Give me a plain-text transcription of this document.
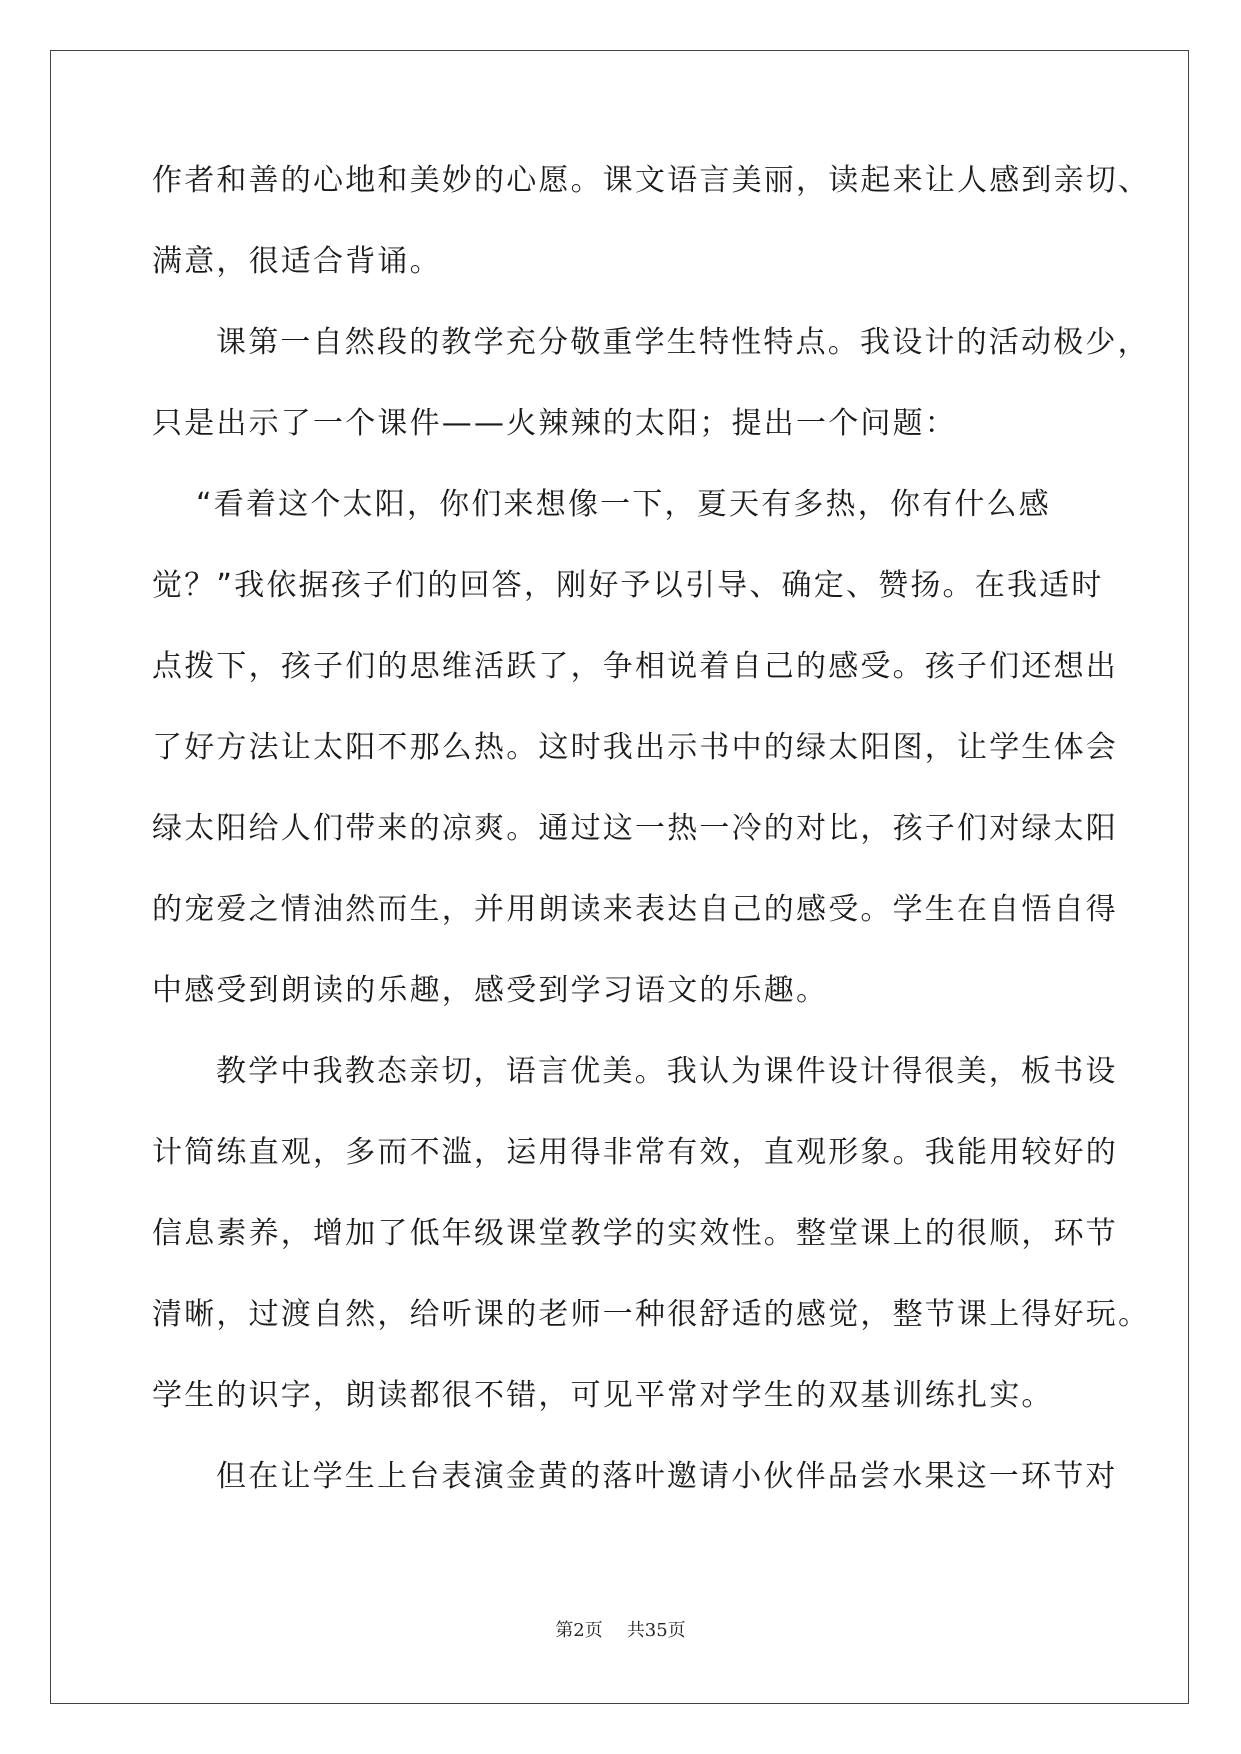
作者和善的心地和美妙的心愿。课文语言美丽，读起来让人感到亲切、
满意，很适合背诵。
课第一自然段的教学充分敬重学生特性特点。我设计的活动极少，
只是出示了一个课件——火辣辣的太阳；提出一个问题：
“看着这个太阳，你们来想像一下，夏天有多热，你有什么感
觉？”我依据孩子们的回答，刚好予以引导、确定、赞扬。在我适时
点拨下，孩子们的思维活跃了，争相说着自己的感受。孩子们还想出
了好方法让太阳不那么热。这时我出示书中的绿太阳图，让学生体会
绿太阳给人们带来的凉爽。通过这一热一冷的对比，孩子们对绿太阳
的宠爱之情油然而生，并用朗读来表达自己的感受。学生在自悟自得
中感受到朗读的乐趣，感受到学习语文的乐趣。
教学中我教态亲切，语言优美。我认为课件设计得很美，板书设
计简练直观，多而不滥，运用得非常有效，直观形象。我能用较好的
信息素养，增加了低年级课堂教学的实效性。整堂课上的很顺，环节
清晰，过渡自然，给听课的老师一种很舒适的感觉，整节课上得好玩。
学生的识字，朗读都很不错，可见平常对学生的双基训练扎实。
但在让学生上台表演金黄的落叶邀请小伙伴品尝水果这一环节对
第2页 共35页
